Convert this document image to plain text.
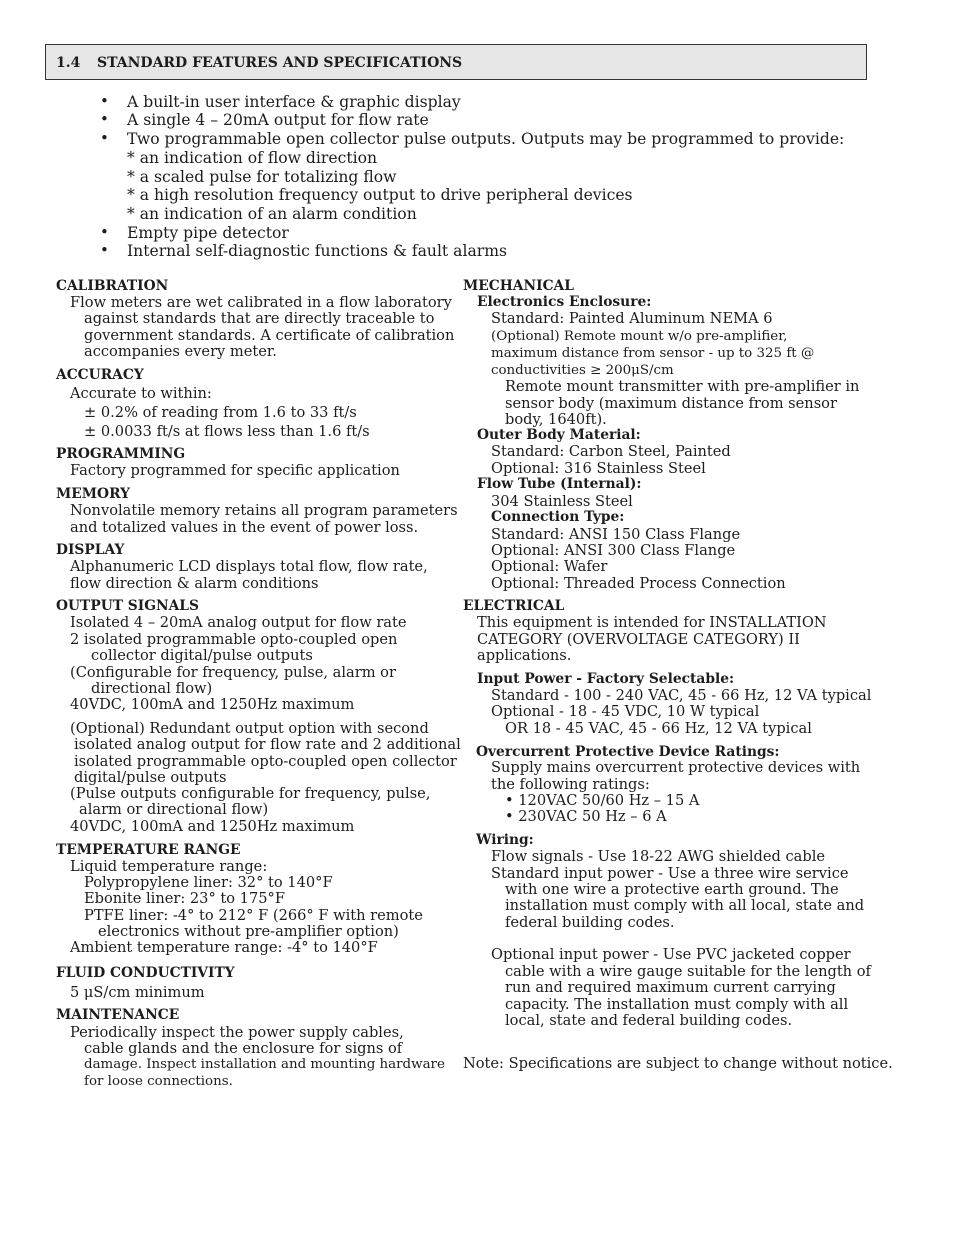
1.4 STANDARD FEATURES AND SPECIFICATIONS
• A built-in user interface & graphic display
• A single 4 – 20mA output for flow rate
• Two programmable open collector pulse outputs. Outputs may be programmed to provide:
* an indication of flow direction
* a scaled pulse for totalizing flow
* a high resolution frequency output to drive peripheral devices
* an indication of an alarm condition
• Empty pipe detector
• Internal self-diagnostic functions & fault alarms
CALIBRATION
Flow meters are wet calibrated in a flow laboratory
against standards that are directly traceable to
government standards. A certificate of calibration
accompanies every meter.
ACCURACY
Accurate to within:
± 0.2% of reading from 1.6 to 33 ft/s
± 0.0033 ft/s at flows less than 1.6 ft/s
PROGRAMMING
Factory programmed for specific application
MEMORY
Nonvolatile memory retains all program parameters
and totalized values in the event of power loss.
DISPLAY
Alphanumeric LCD displays total flow, flow rate,
flow direction & alarm conditions
OUTPUT SIGNALS
Isolated 4 – 20mA analog output for flow rate
2 isolated programmable opto-coupled open
collector digital/pulse outputs
(Configurable for frequency, pulse, alarm or
directional flow)
40VDC, 100mA and 1250Hz maximum
(Optional) Redundant output option with second
isolated analog output for flow rate and 2 additional
isolated programmable opto-coupled open collector
digital/pulse outputs
(Pulse outputs configurable for frequency, pulse,
alarm or directional flow)
40VDC, 100mA and 1250Hz maximum
TEMPERATURE RANGE
Liquid temperature range:
Polypropylene liner: 32° to 140°F
Ebonite liner: 23° to 175°F
PTFE liner: -4° to 212° F (266° F with remote
electronics without pre-amplifier option)
Ambient temperature range: -4° to 140°F
FLUID CONDUCTIVITY
5 μS/cm minimum
MAINTENANCE
Periodically inspect the power supply cables,
cable glands and the enclosure for signs of
damage. Inspect installation and mounting hardware
for loose connections.
MECHANICAL
Electronics Enclosure:
Standard: Painted Aluminum NEMA 6
(Optional) Remote mount w/o pre-amplifier,
maximum distance from sensor - up to 325 ft @
conductivities ≥ 200μS/cm
Remote mount transmitter with pre-amplifier in
sensor body (maximum distance from sensor
body, 1640ft).
Outer Body Material:
Standard: Carbon Steel, Painted
Optional: 316 Stainless Steel
Flow Tube (Internal):
304 Stainless Steel
Connection Type:
Standard: ANSI 150 Class Flange
Optional: ANSI 300 Class Flange
Optional: Wafer
Optional: Threaded Process Connection
ELECTRICAL
This equipment is intended for INSTALLATION
CATEGORY (OVERVOLTAGE CATEGORY) II
applications.
Input Power - Factory Selectable:
Standard - 100 - 240 VAC, 45 - 66 Hz, 12 VA typical
Optional - 18 - 45 VDC, 10 W typical
OR 18 - 45 VAC, 45 - 66 Hz, 12 VA typical
Overcurrent Protective Device Ratings:
Supply mains overcurrent protective devices with
the following ratings:
• 120VAC 50/60 Hz – 15 A
• 230VAC 50 Hz – 6 A
Wiring:
Flow signals - Use 18-22 AWG shielded cable
Standard input power - Use a three wire service
with one wire a protective earth ground. The
installation must comply with all local, state and
federal building codes.
Optional input power - Use PVC jacketed copper
cable with a wire gauge suitable for the length of
run and required maximum current carrying
capacity. The installation must comply with all
local, state and federal building codes.
Note: Specifications are subject to change without notice.
